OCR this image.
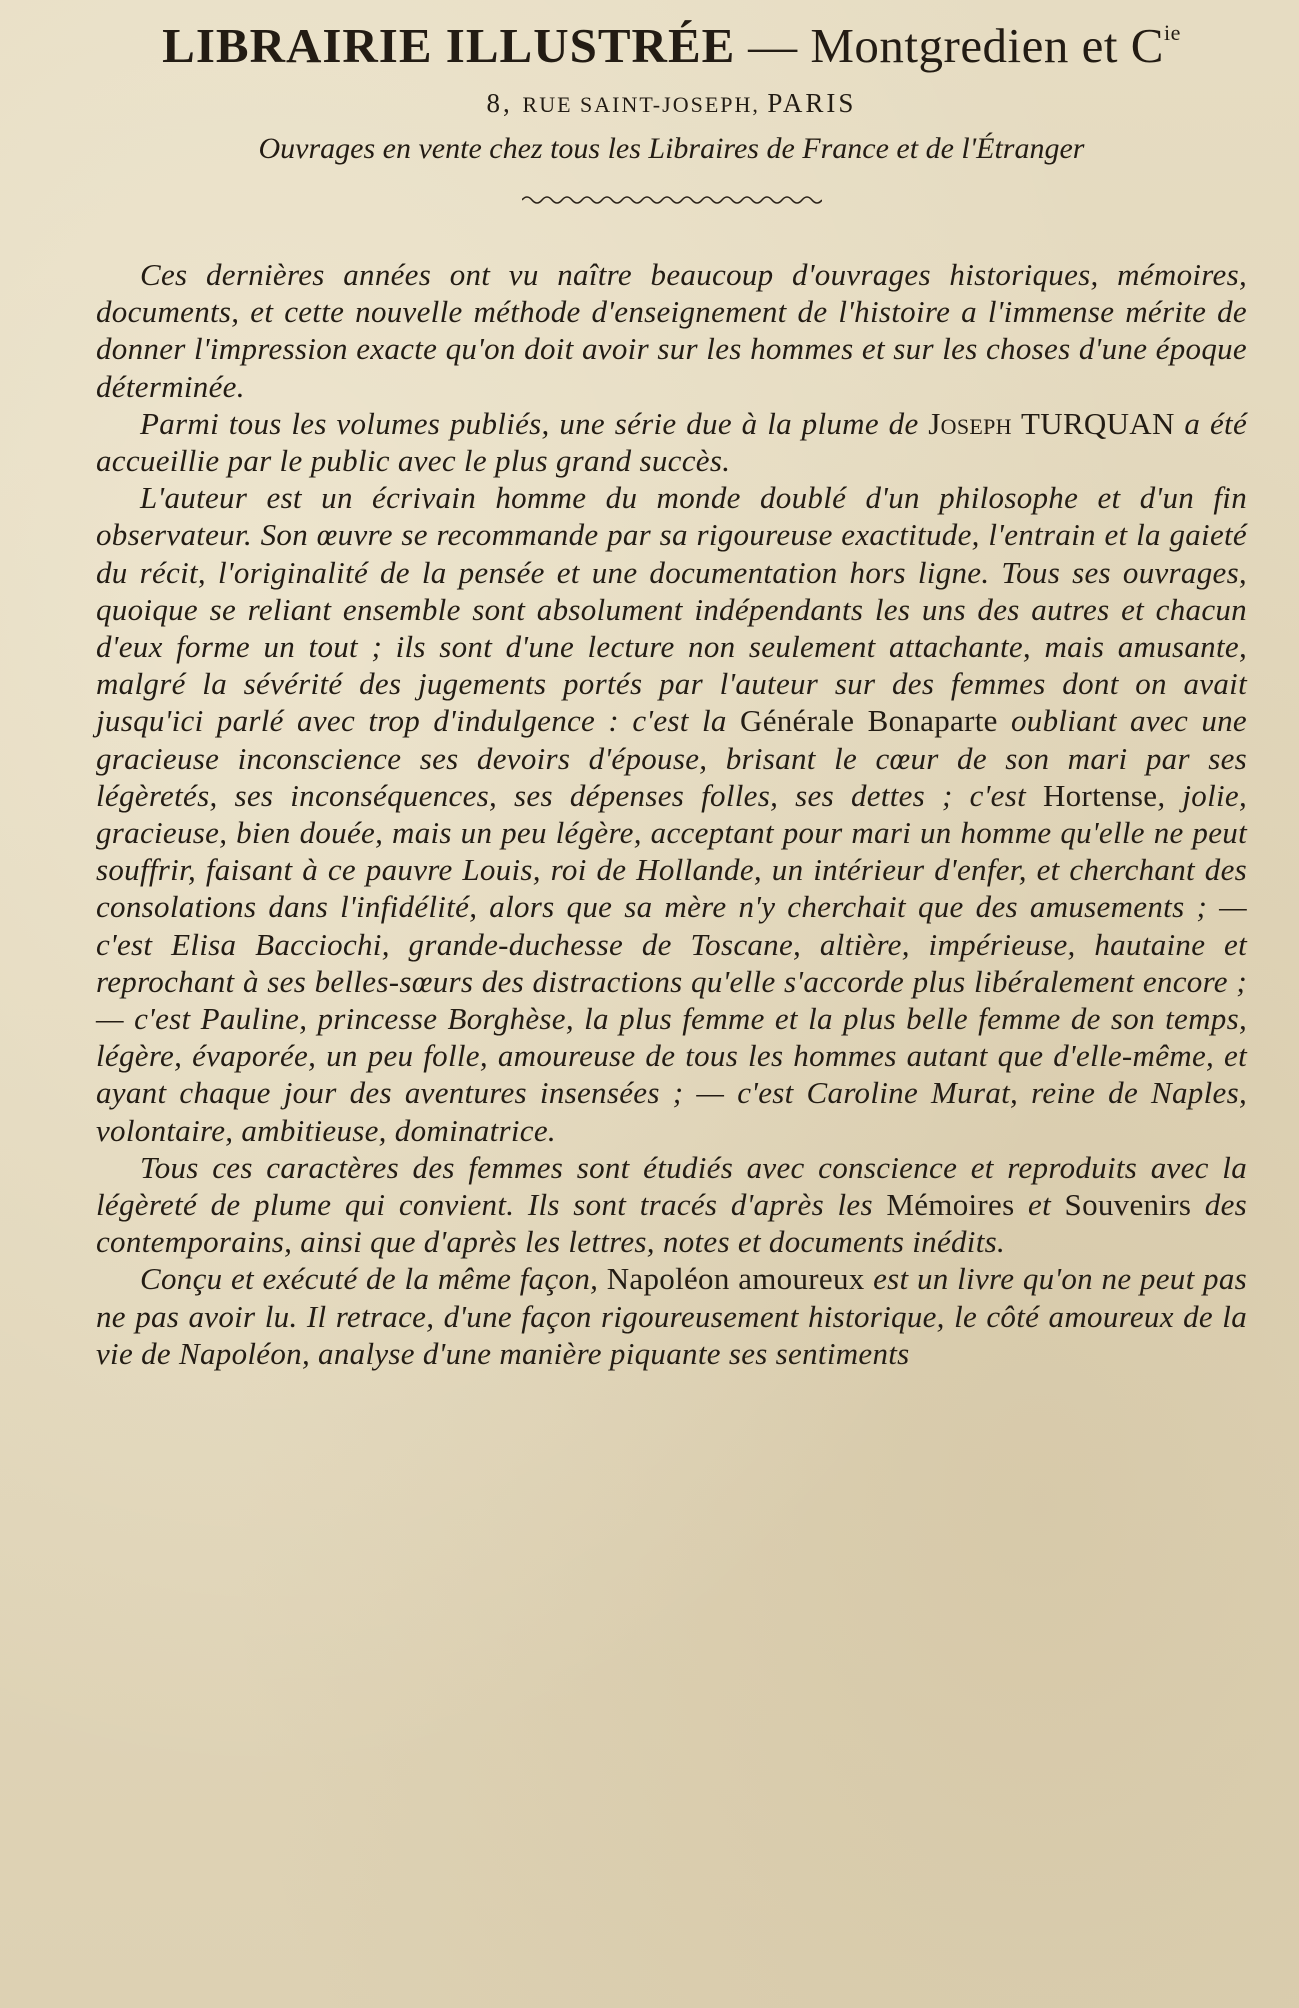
LIBRAIRIE ILLUSTRÉE — Montgredien et $C^{ie}$
8, RUE SAINT-JOSEPH, PARIS
Ouvrages en vente chez tous les Libraires de France et de l'Étranger

Ces dernières années ont vu naître beaucoup d'ouvrages historiques, mémoires, documents, et cette nouvelle méthode d'enseignement de l'histoire a l'immense mérite de donner l'impression exacte qu'on doit avoir sur les hommes et sur les choses d'une époque déterminée.

Parmi tous les volumes publiés, une série due à la plume de Joseph TURQUAN a été accueillie par le public avec le plus grand succès.

L'auteur est un écrivain homme du monde doublé d'un philosophe et d'un fin observateur. Son œuvre se recommande par sa rigoureuse exactitude, l'entrain et la gaieté du récit, l'originalité de la pensée et une documentation hors ligne. Tous ses ouvrages, quoique se reliant ensemble sont absolument indépendants les uns des autres et chacun d'eux forme un tout ; ils sont d'une lecture non seulement attachante, mais amusante, malgré la sévérité des jugements portés par l'auteur sur des femmes dont on avait jusqu'ici parlé avec trop d'indulgence : c'est la Générale Bonaparte oubliant avec une gracieuse inconscience ses devoirs d'épouse, brisant le cœur de son mari par ses légèretés, ses inconséquences, ses dépenses folles, ses dettes ; c'est Hortense, jolie, gracieuse, bien douée, mais un peu légère, acceptant pour mari un homme qu'elle ne peut souffrir, faisant à ce pauvre Louis, roi de Hollande, un intérieur d'enfer, et cherchant des consolations dans l'infidélité, alors que sa mère n'y cherchait que des amusements ; — c'est Elisa Bacciochi, grande-duchesse de Toscane, altière, impérieuse, hautaine et reprochant à ses belles-sœurs des distractions qu'elle s'accorde plus libéralement encore ; — c'est Pauline, princesse Borghèse, la plus femme et la plus belle femme de son temps, légère, évaporée, un peu folle, amoureuse de tous les hommes autant que d'elle-même, et ayant chaque jour des aventures insensées ; — c'est Caroline Murat, reine de Naples, volontaire, ambitieuse, dominatrice.

Tous ces caractères des femmes sont étudiés avec conscience et reproduits avec la légèreté de plume qui convient. Ils sont tracés d'après les Mémoires et Souvenirs des contemporains, ainsi que d'après les lettres, notes et documents inédits.

Conçu et exécuté de la même façon, Napoléon amoureux est un livre qu'on ne peut pas ne pas avoir lu. Il retrace, d'une façon rigoureusement historique, le côté amoureux de la vie de Napoléon, analyse d'une manière piquante ses sentiments
